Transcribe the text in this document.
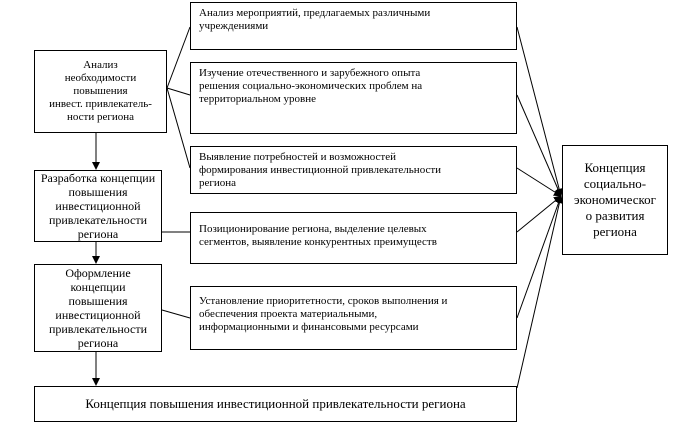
Анализ
необходимости
повышения
инвест. привлекатель-
ности региона
Разработка концепции
повышения
инвестиционной
привлекательности
региона
Оформление
концепции
повышения
инвестиционной
привлекательности
региона
Анализ мероприятий, предлагаемых различными
учреждениями
Изучение отечественного и зарубежного опыта
решения социально-экономических проблем на
территориальном уровне
Выявление потребностей и возможностей
формирования инвестиционной привлекательности
региона
Позиционирование региона, выделение целевых
сегментов, выявление конкурентных преимуществ
Установление приоритетности, сроков выполнения и
обеспечения проекта материальными,
информационными и финансовыми ресурсами
Концепция
социально-
экономическог
о развития
региона
Концепция повышения инвестиционной привлекательности региона
